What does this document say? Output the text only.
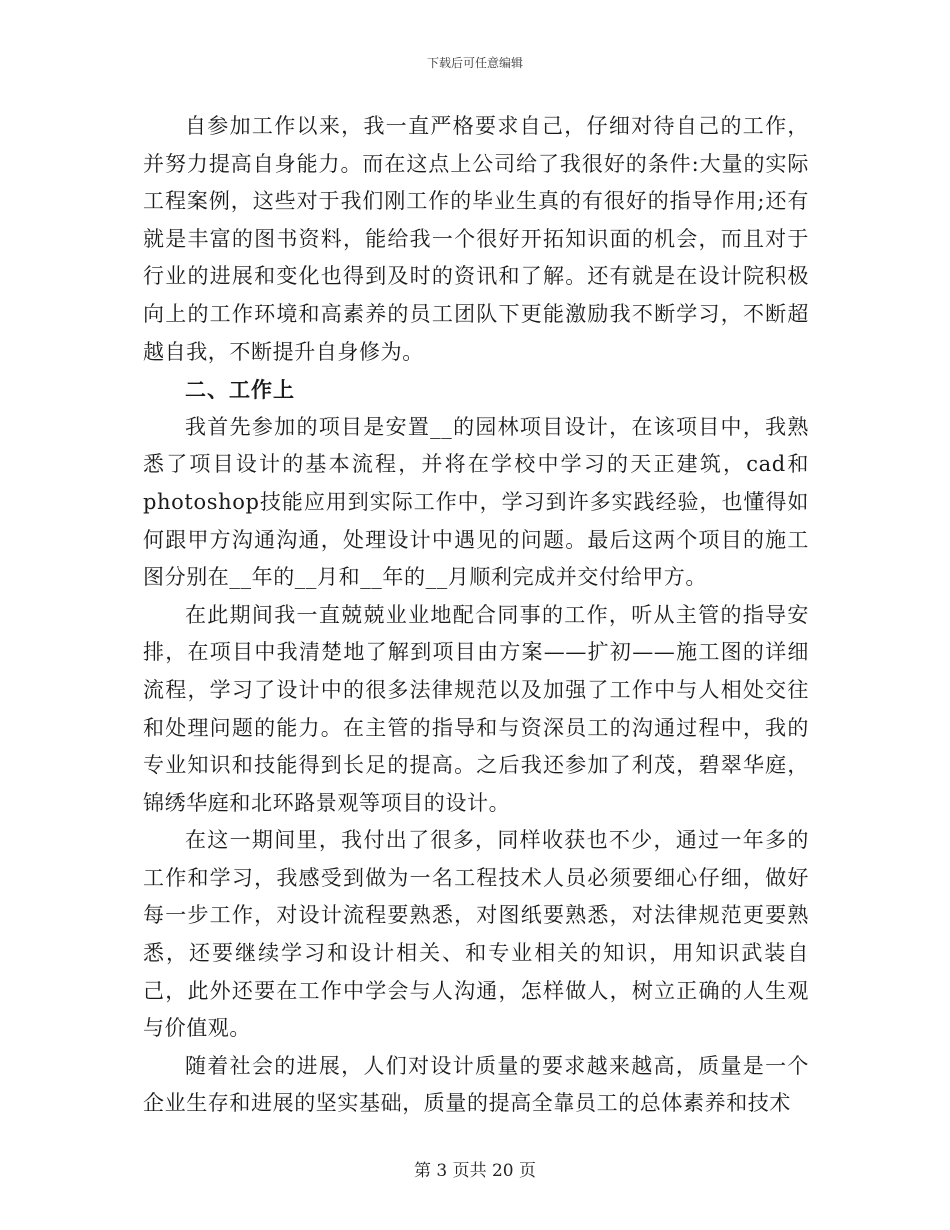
下载后可任意编辑

自参加工作以来，我一直严格要求自己，仔细对待自己的工作，并努力提高自身能力。而在这点上公司给了我很好的条件:大量的实际工程案例，这些对于我们刚工作的毕业生真的有很好的指导作用;还有就是丰富的图书资料，能给我一个很好开拓知识面的机会，而且对于行业的进展和变化也得到及时的资讯和了解。还有就是在设计院积极向上的工作环境和高素养的员工团队下更能激励我不断学习，不断超越自我，不断提升自身修为。

二、工作上

我首先参加的项目是安置__的园林项目设计，在该项目中，我熟悉了项目设计的基本流程，并将在学校中学习的天正建筑，cad和photoshop技能应用到实际工作中，学习到许多实践经验，也懂得如何跟甲方沟通沟通，处理设计中遇见的问题。最后这两个项目的施工图分别在__年的__月和__年的__月顺利完成并交付给甲方。

在此期间我一直兢兢业业地配合同事的工作，听从主管的指导安排，在项目中我清楚地了解到项目由方案——扩初——施工图的详细流程，学习了设计中的很多法律规范以及加强了工作中与人相处交往和处理问题的能力。在主管的指导和与资深员工的沟通过程中，我的专业知识和技能得到长足的提高。之后我还参加了利茂，碧翠华庭，锦绣华庭和北环路景观等项目的设计。

在这一期间里，我付出了很多，同样收获也不少，通过一年多的工作和学习，我感受到做为一名工程技术人员必须要细心仔细，做好每一步工作，对设计流程要熟悉，对图纸要熟悉，对法律规范更要熟悉，还要继续学习和设计相关、和专业相关的知识，用知识武装自己，此外还要在工作中学会与人沟通，怎样做人，树立正确的人生观与价值观。

随着社会的进展，人们对设计质量的要求越来越高，质量是一个企业生存和进展的坚实基础，质量的提高全靠员工的总体素养和技术

第 3 页共 20 页
